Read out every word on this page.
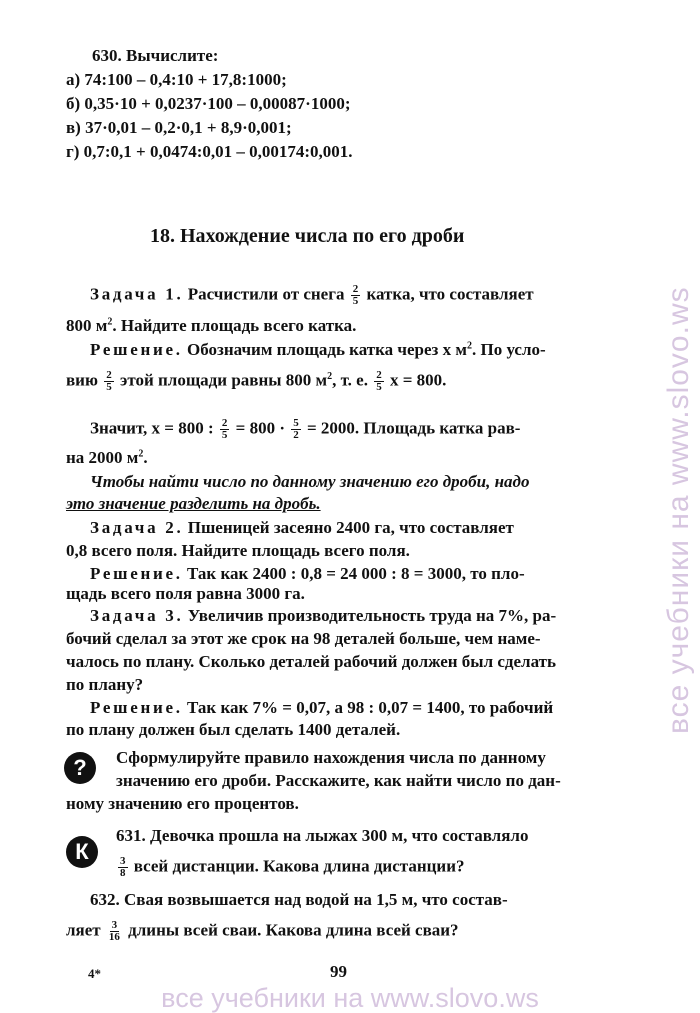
630. Вычислите:
а) 74:100 – 0,4:10 + 17,8:1000;
б) 0,35·10 + 0,0237·100 – 0,00087·1000;
в) 37·0,01 – 0,2·0,1 + 8,9·0,001;
г) 0,7:0,1 + 0,0474:0,01 – 0,00174:0,001.
18. Нахождение числа по его дроби
Задача 1. Расчистили от снега $\frac{2}{5}$ катка, что составляет
800 $м^2$. Найдите площадь всего катка.
Решение. Обозначим площадь катка через x $м^2$. По усло-
вию $\frac{2}{5}$ этой площади равны 800 $м^2$, т. е. $\frac{2}{5}$ x = 800.
Значит, x = 800 : $\frac{2}{5} = 800 \cdot \frac{5}{2} = 2000$. Площадь катка рав-
на 2000 $м^2$.
Чтобы найти число по данному значению его дроби, надо
это значение разделить на дробь.
Задача 2. Пшеницей засеяно 2400 га, что составляет
0,8 всего поля. Найдите площадь всего поля.
Решение. Так как 2400 : 0,8 = 24 000 : 8 = 3000, то пло-
щадь всего поля равна 3000 га.
Задача 3. Увеличив производительность труда на 7%, ра-
бочий сделал за этот же срок на 98 деталей больше, чем наме-
чалось по плану. Сколько деталей рабочий должен был сделать
по плану?
Решение. Так как 7% = 0,07, а 98 : 0,07 = 1400, то рабочий
по плану должен был сделать 1400 деталей.
?	Сформулируйте правило нахождения числа по данному
значению его дроби. Расскажите, как найти число по дан-
ному значению его процентов.
К
631. Девочка прошла на лыжах 300 м, что составляло
$\frac{3}{8}$ всей дистанции. Какова длина дистанции?
632. Свая возвышается над водой на 1,5 м, что состав-
ляет $\frac{3}{16}$ длины всей сваи. Какова длина всей сваи?
4*	99
все учебники на www.slovo.ws
все учебники на www.slovo.ws
